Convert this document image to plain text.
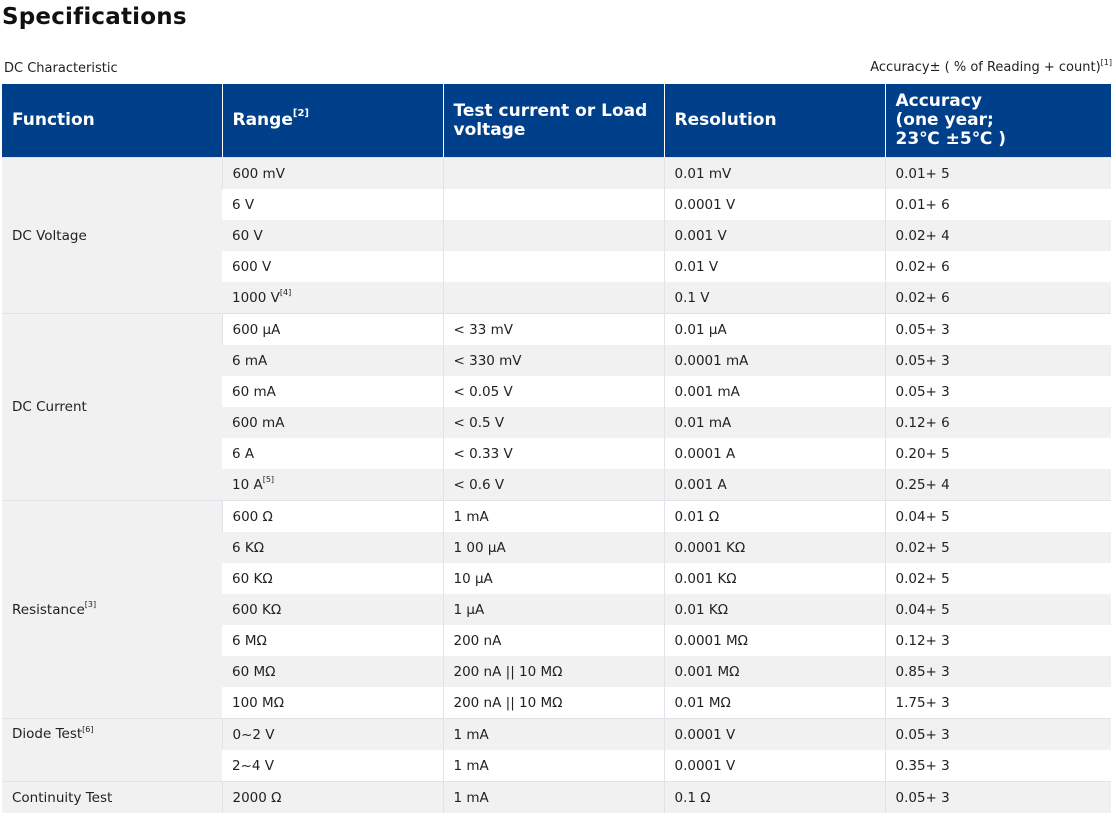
Specifications
DC Characteristic	Accuracy± ( % of Reading + count)[1]
Function	Range[2]	Test current or Load voltage	Resolution	Accuracy
(one year;
23℃ ±5℃ )
DC Voltage	600 mV		0.01 mV	0.01+ 5
	6 V		0.0001 V	0.01+ 6
	60 V		0.001 V	0.02+ 4
	600 V		0.01 V	0.02+ 6
	1000 V[4]		0.1 V	0.02+ 6
DC Current	600 μA	< 33 mV	0.01 μA	0.05+ 3
	6 mA	< 330 mV	0.0001 mA	0.05+ 3
	60 mA	< 0.05 V	0.001 mA	0.05+ 3
	600 mA	< 0.5 V	0.01 mA	0.12+ 6
	6 A	< 0.33 V	0.0001 A	0.20+ 5
	10 A[5]	< 0.6 V	0.001 A	0.25+ 4
Resistance[3]	600 Ω	1 mA	0.01 Ω	0.04+ 5
	6 KΩ	1 00 μA	0.0001 KΩ	0.02+ 5
	60 KΩ	10 μA	0.001 KΩ	0.02+ 5
	600 KΩ	1 μA	0.01 KΩ	0.04+ 5
	6 MΩ	200 nA	0.0001 MΩ	0.12+ 3
	60 MΩ	200 nA || 10 MΩ	0.001 MΩ	0.85+ 3
	100 MΩ	200 nA || 10 MΩ	0.01 MΩ	1.75+ 3
Diode Test[6]	0~2 V	1 mA	0.0001 V	0.05+ 3
	2~4 V	1 mA	0.0001 V	0.35+ 3
Continuity Test	2000 Ω	1 mA	0.1 Ω	0.05+ 3
